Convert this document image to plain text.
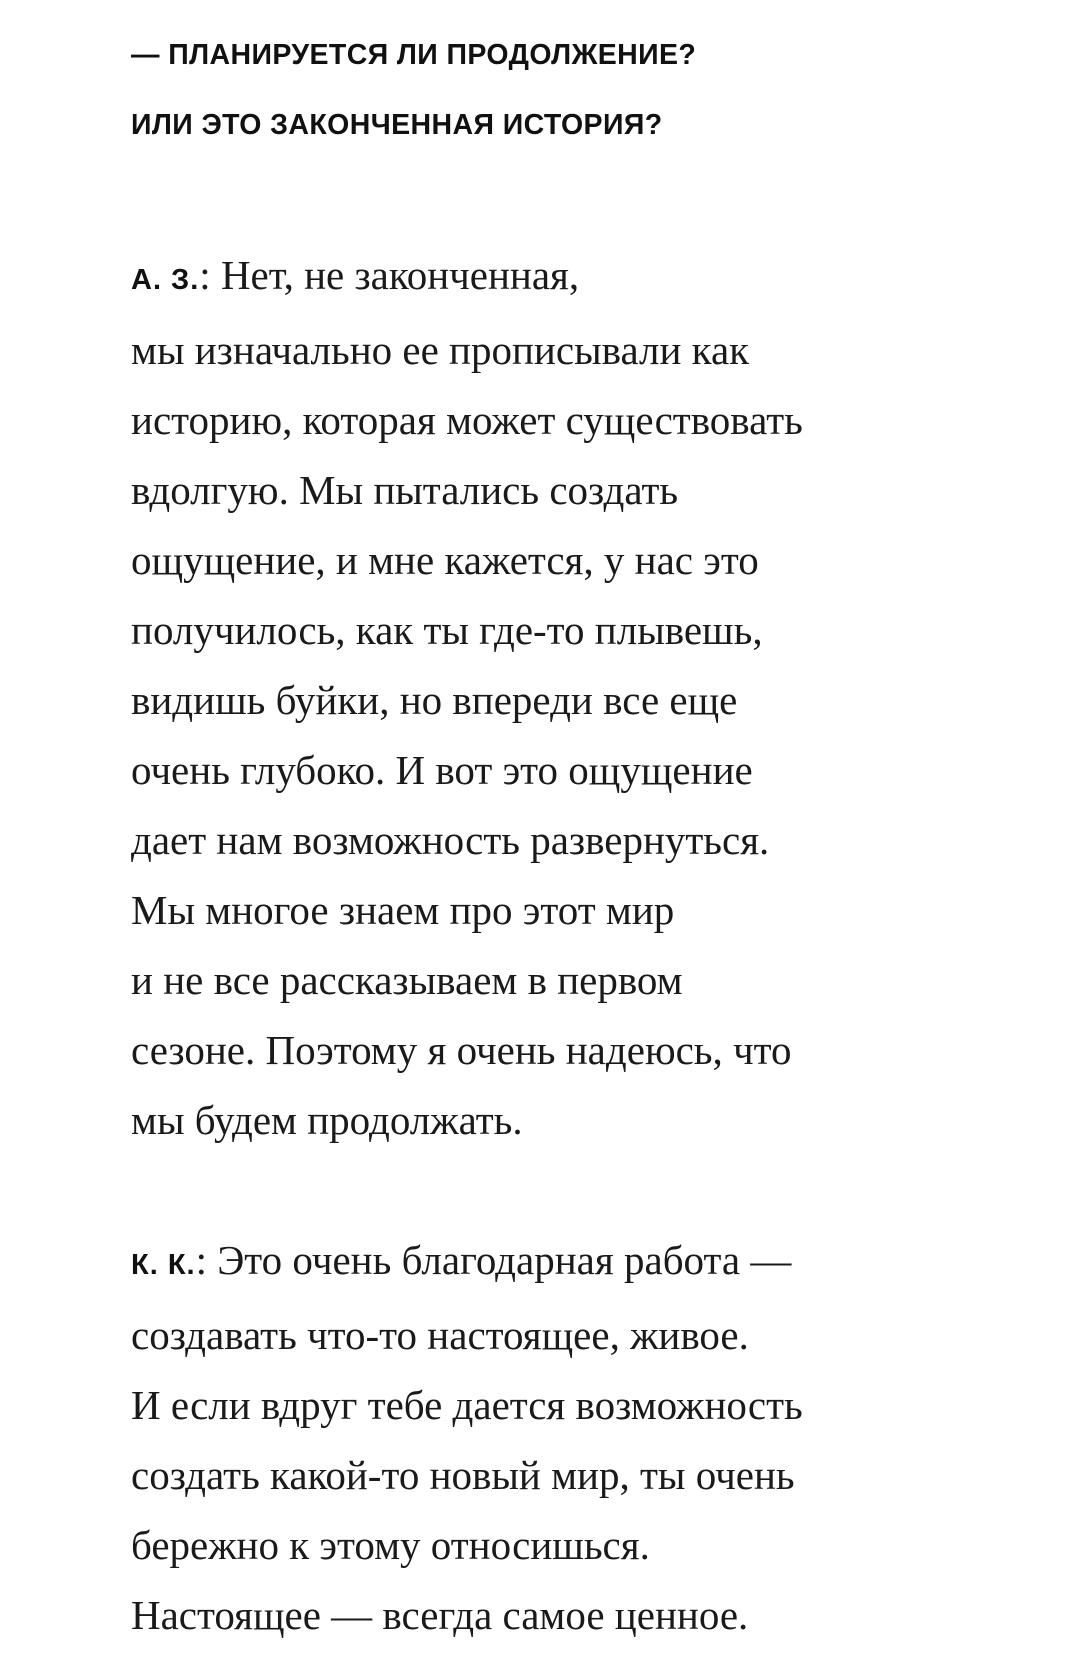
— ПЛАНИРУЕТСЯ ЛИ ПРОДОЛЖЕНИЕ?
ИЛИ ЭТО ЗАКОНЧЕННАЯ ИСТОРИЯ?

А. З.: Нет, не законченная,
мы изначально ее прописывали как
историю, которая может существовать
вдолгую. Мы пытались создать
ощущение, и мне кажется, у нас это
получилось, как ты где-то плывешь,
видишь буйки, но впереди все еще
очень глубоко. И вот это ощущение
дает нам возможность развернуться.
Мы многое знаем про этот мир
и не все рассказываем в первом
сезоне. Поэтому я очень надеюсь, что
мы будем продолжать.

К. К.: Это очень благодарная работа —
создавать что-то настоящее, живое.
И если вдруг тебе дается возможность
создать какой-то новый мир, ты очень
бережно к этому относишься.
Настоящее — всегда самое ценное.
